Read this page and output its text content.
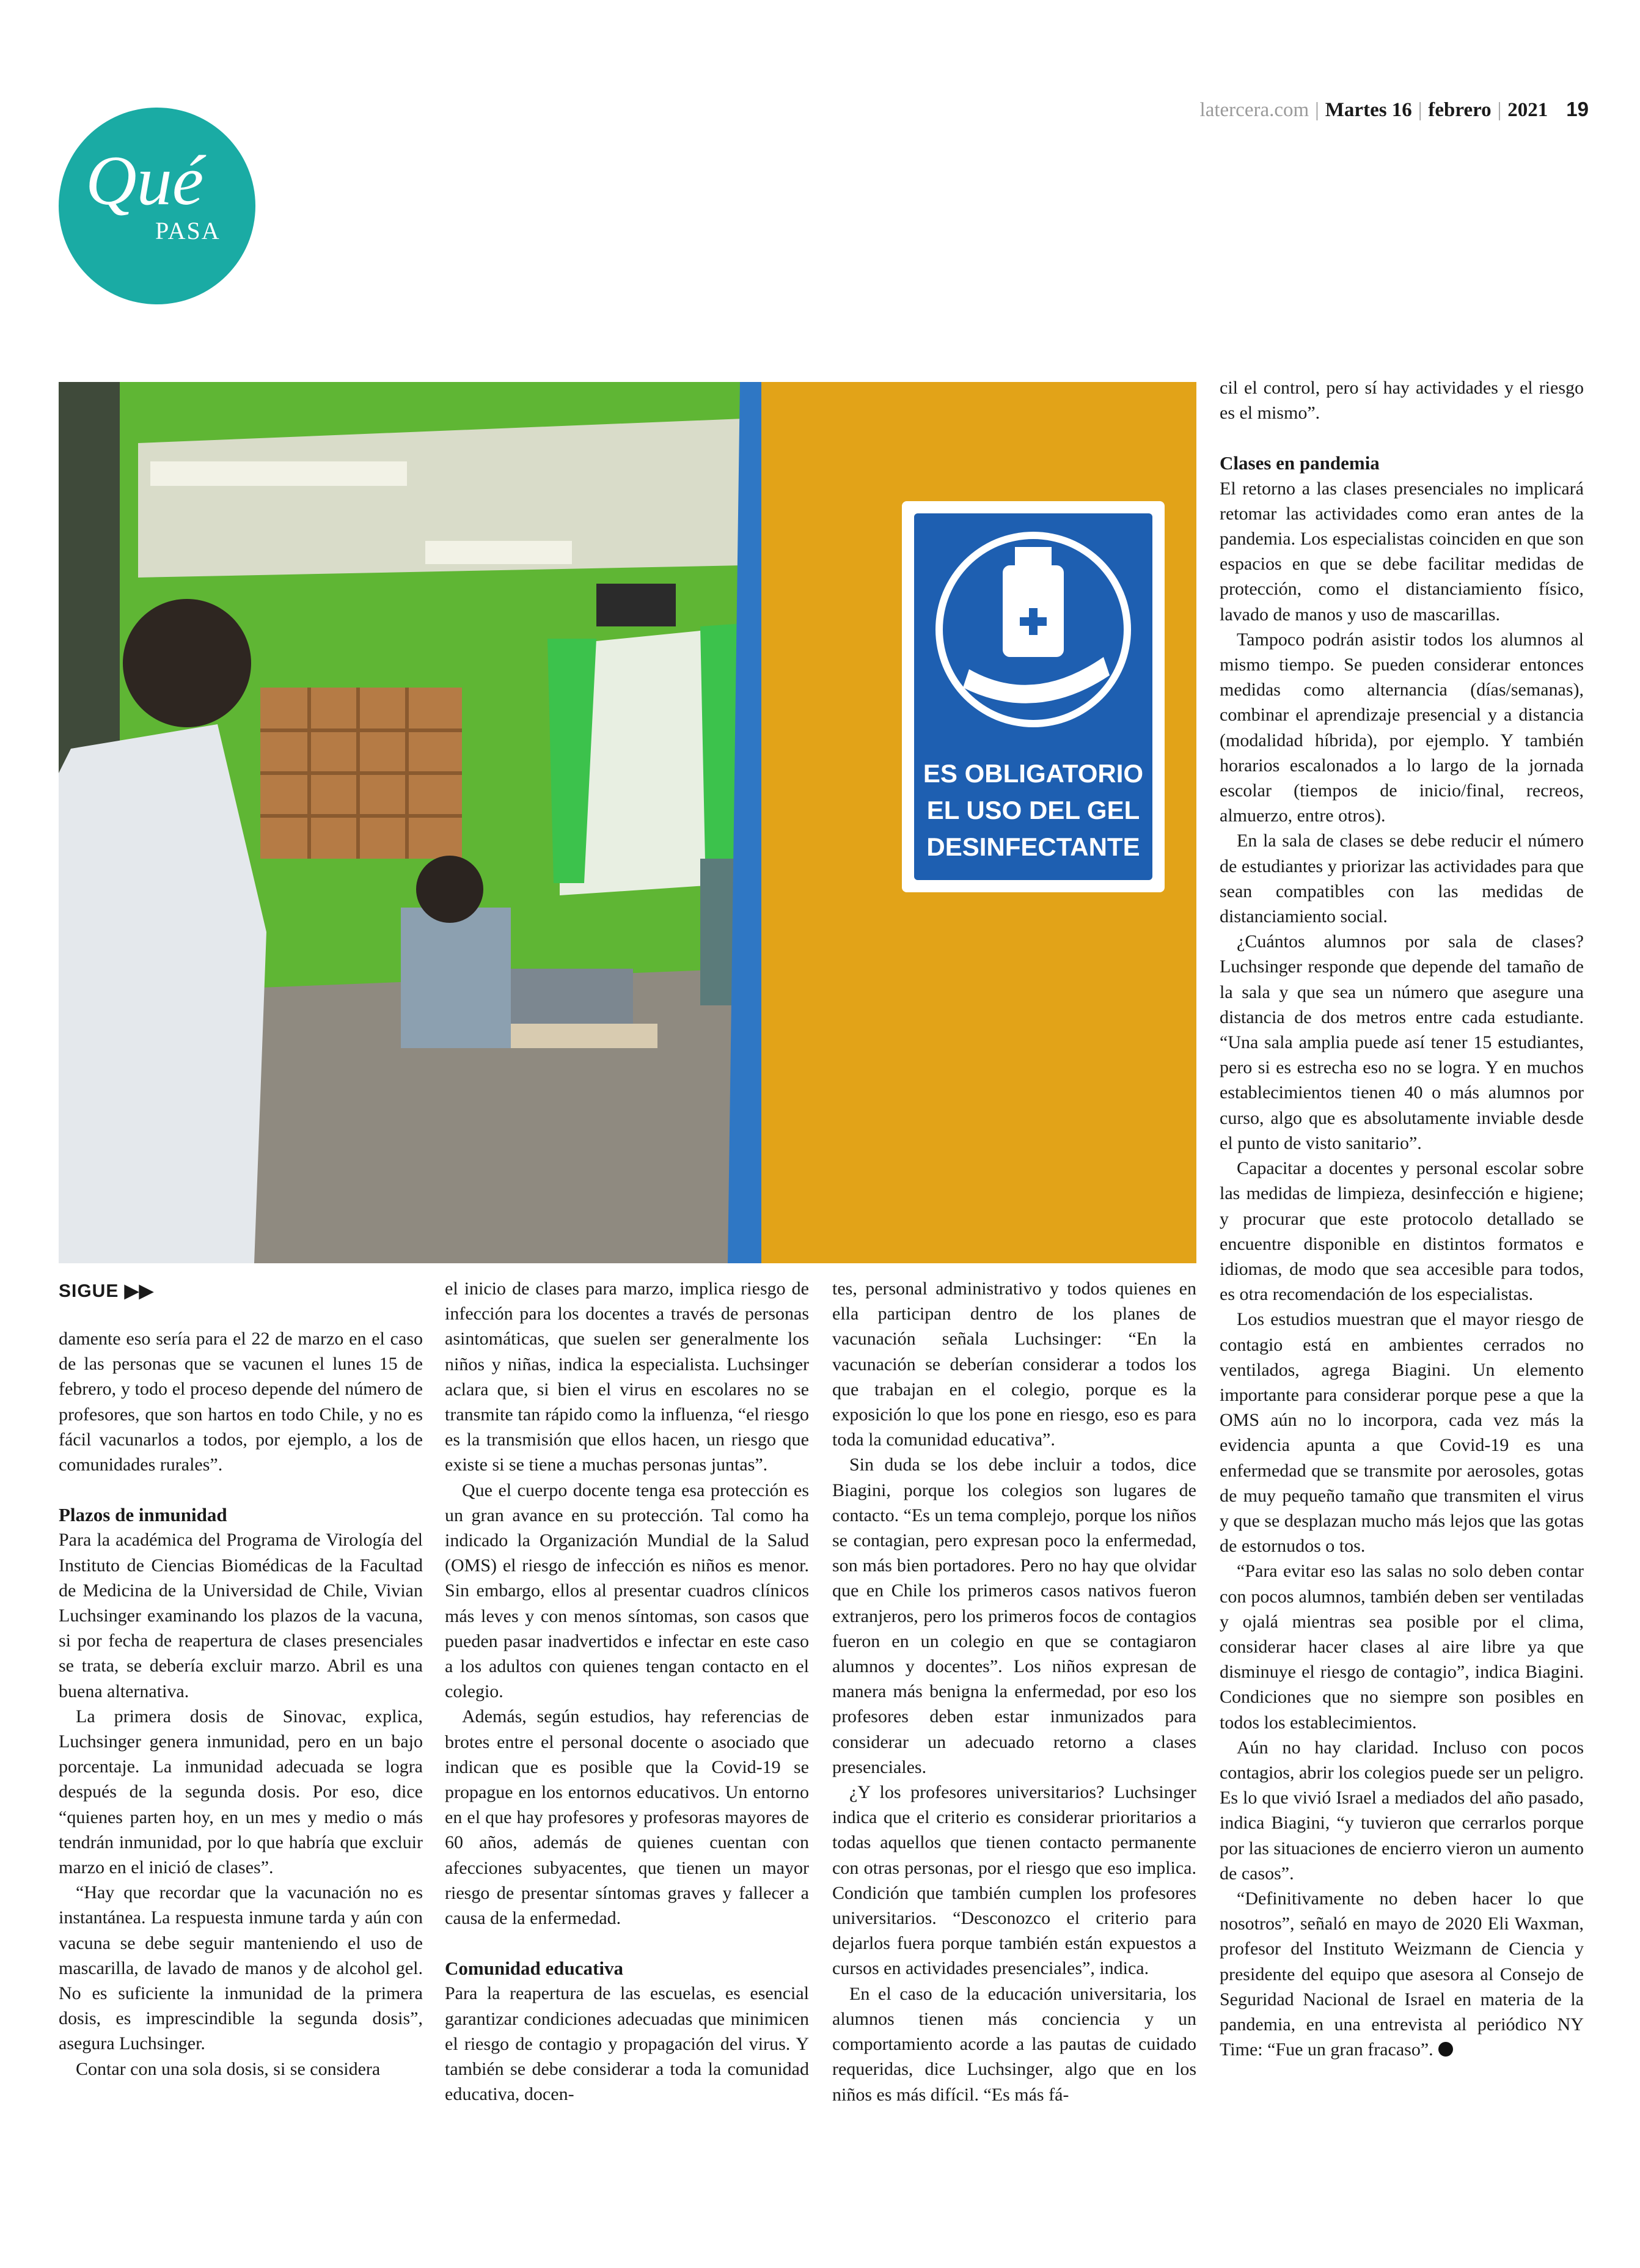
latercera.com | Martes 16 | febrero | 2021 19
Qué
PASA
ES OBLIGATORIO
EL USO DEL GEL
DESINFECTANTE
SIGUE ▶▶

damente eso sería para el 22 de marzo en el caso de las personas que se vacunen el lunes 15 de febrero, y todo el proceso depende del número de profesores, que son hartos en todo Chile, y no es fácil vacunarlos a todos, por ejemplo, a los de comunidades rurales”.

Plazos de inmunidad

Para la académica del Programa de Virología del Instituto de Ciencias Biomédicas de la Facultad de Medicina de la Universidad de Chile, Vivian Luchsinger examinando los plazos de la vacuna, si por fecha de reapertura de clases presenciales se trata, se debería excluir marzo. Abril es una buena alternativa.

La primera dosis de Sinovac, explica, Luchsinger genera inmunidad, pero en un bajo porcentaje. La inmunidad adecuada se logra después de la segunda dosis. Por eso, dice “quienes parten hoy, en un mes y medio o más tendrán inmunidad, por lo que habría que excluir marzo en el inició de clases”.

“Hay que recordar que la vacunación no es instantánea. La respuesta inmune tarda y aún con vacuna se debe seguir manteniendo el uso de mascarilla, de lavado de manos y de alcohol gel. No es suficiente la inmunidad de la primera dosis, es imprescindible la segunda dosis”, asegura Luchsinger.

Contar con una sola dosis, si se considera

el inicio de clases para marzo, implica riesgo de infección para los docentes a través de personas asintomáticas, que suelen ser generalmente los niños y niñas, indica la especialista. Luchsinger aclara que, si bien el virus en escolares no se transmite tan rápido como la influenza, “el riesgo es la transmisión que ellos hacen, un riesgo que existe si se tiene a muchas personas juntas”.

Que el cuerpo docente tenga esa protección es un gran avance en su protección. Tal como ha indicado la Organización Mundial de la Salud (OMS) el riesgo de infección es niños es menor. Sin embargo, ellos al presentar cuadros clínicos más leves y con menos síntomas, son casos que pueden pasar inadvertidos e infectar en este caso a los adultos con quienes tengan contacto en el colegio.

Además, según estudios, hay referencias de brotes entre el personal docente o asociado que indican que es posible que la Covid-19 se propague en los entornos educativos. Un entorno en el que hay profesores y profesoras mayores de 60 años, además de quienes cuentan con afecciones subyacentes, que tienen un mayor riesgo de presentar síntomas graves y fallecer a causa de la enfermedad.

Comunidad educativa

Para la reapertura de las escuelas, es esencial garantizar condiciones adecuadas que minimicen el riesgo de contagio y propagación del virus. Y también se debe considerar a toda la comunidad educativa, docen-

tes, personal administrativo y todos quienes en ella participan dentro de los planes de vacunación señala Luchsinger: “En la vacunación se deberían considerar a todos los que trabajan en el colegio, porque es la exposición lo que los pone en riesgo, eso es para toda la comunidad educativa”.

Sin duda se los debe incluir a todos, dice Biagini, porque los colegios son lugares de contacto. “Es un tema complejo, porque los niños se contagian, pero expresan poco la enfermedad, son más bien portadores. Pero no hay que olvidar que en Chile los primeros casos nativos fueron extranjeros, pero los primeros focos de contagios fueron en un colegio en que se contagiaron alumnos y docentes”. Los niños expresan de manera más benigna la enfermedad, por eso los profesores deben estar inmunizados para considerar un adecuado retorno a clases presenciales.

¿Y los profesores universitarios? Luchsinger indica que el criterio es considerar prioritarios a todas aquellos que tienen contacto permanente con otras personas, por el riesgo que eso implica. Condición que también cumplen los profesores universitarios. “Desconozco el criterio para dejarlos fuera porque también están expuestos a cursos en actividades presenciales”, indica.

En el caso de la educación universitaria, los alumnos tienen más conciencia y un comportamiento acorde a las pautas de cuidado requeridas, dice Luchsinger, algo que en los niños es más difícil. “Es más fá-

cil el control, pero sí hay actividades y el riesgo es el mismo”.

Clases en pandemia

El retorno a las clases presenciales no implicará retomar las actividades como eran antes de la pandemia. Los especialistas coinciden en que son espacios en que se debe facilitar medidas de protección, como el distanciamiento físico, lavado de manos y uso de mascarillas.

Tampoco podrán asistir todos los alumnos al mismo tiempo. Se pueden considerar entonces medidas como alternancia (días/semanas), combinar el aprendizaje presencial y a distancia (modalidad híbrida), por ejemplo. Y también horarios escalonados a lo largo de la jornada escolar (tiempos de inicio/final, recreos, almuerzo, entre otros).

En la sala de clases se debe reducir el número de estudiantes y priorizar las actividades para que sean compatibles con las medidas de distanciamiento social.

¿Cuántos alumnos por sala de clases? Luchsinger responde que depende del tamaño de la sala y que sea un número que asegure una distancia de dos metros entre cada estudiante. “Una sala amplia puede así tener 15 estudiantes, pero si es estrecha eso no se logra. Y en muchos establecimientos tienen 40 o más alumnos por curso, algo que es absolutamente inviable desde el punto de visto sanitario”.

Capacitar a docentes y personal escolar sobre las medidas de limpieza, desinfección e higiene; y procurar que este protocolo detallado se encuentre disponible en distintos formatos e idiomas, de modo que sea accesible para todos, es otra recomendación de los especialistas.

Los estudios muestran que el mayor riesgo de contagio está en ambientes cerrados no ventilados, agrega Biagini. Un elemento importante para considerar porque pese a que la OMS aún no lo incorpora, cada vez más la evidencia apunta a que Covid-19 es una enfermedad que se transmite por aerosoles, gotas de muy pequeño tamaño que transmiten el virus y que se desplazan mucho más lejos que las gotas de estornudos o tos.

“Para evitar eso las salas no solo deben contar con pocos alumnos, también deben ser ventiladas y ojalá mientras sea posible por el clima, considerar hacer clases al aire libre ya que disminuye el riesgo de contagio”, indica Biagini. Condiciones que no siempre son posibles en todos los establecimientos.

Aún no hay claridad. Incluso con pocos contagios, abrir los colegios puede ser un peligro. Es lo que vivió Israel a mediados del año pasado, indica Biagini, “y tuvieron que cerrarlos porque por las situaciones de encierro vieron un aumento de casos”.

“Definitivamente no deben hacer lo que nosotros”, señaló en mayo de 2020 Eli Waxman, profesor del Instituto Weizmann de Ciencia y presidente del equipo que asesora al Consejo de Seguridad Nacional de Israel en materia de la pandemia, en una entrevista al periódico NY Time: “Fue un gran fracaso”.
